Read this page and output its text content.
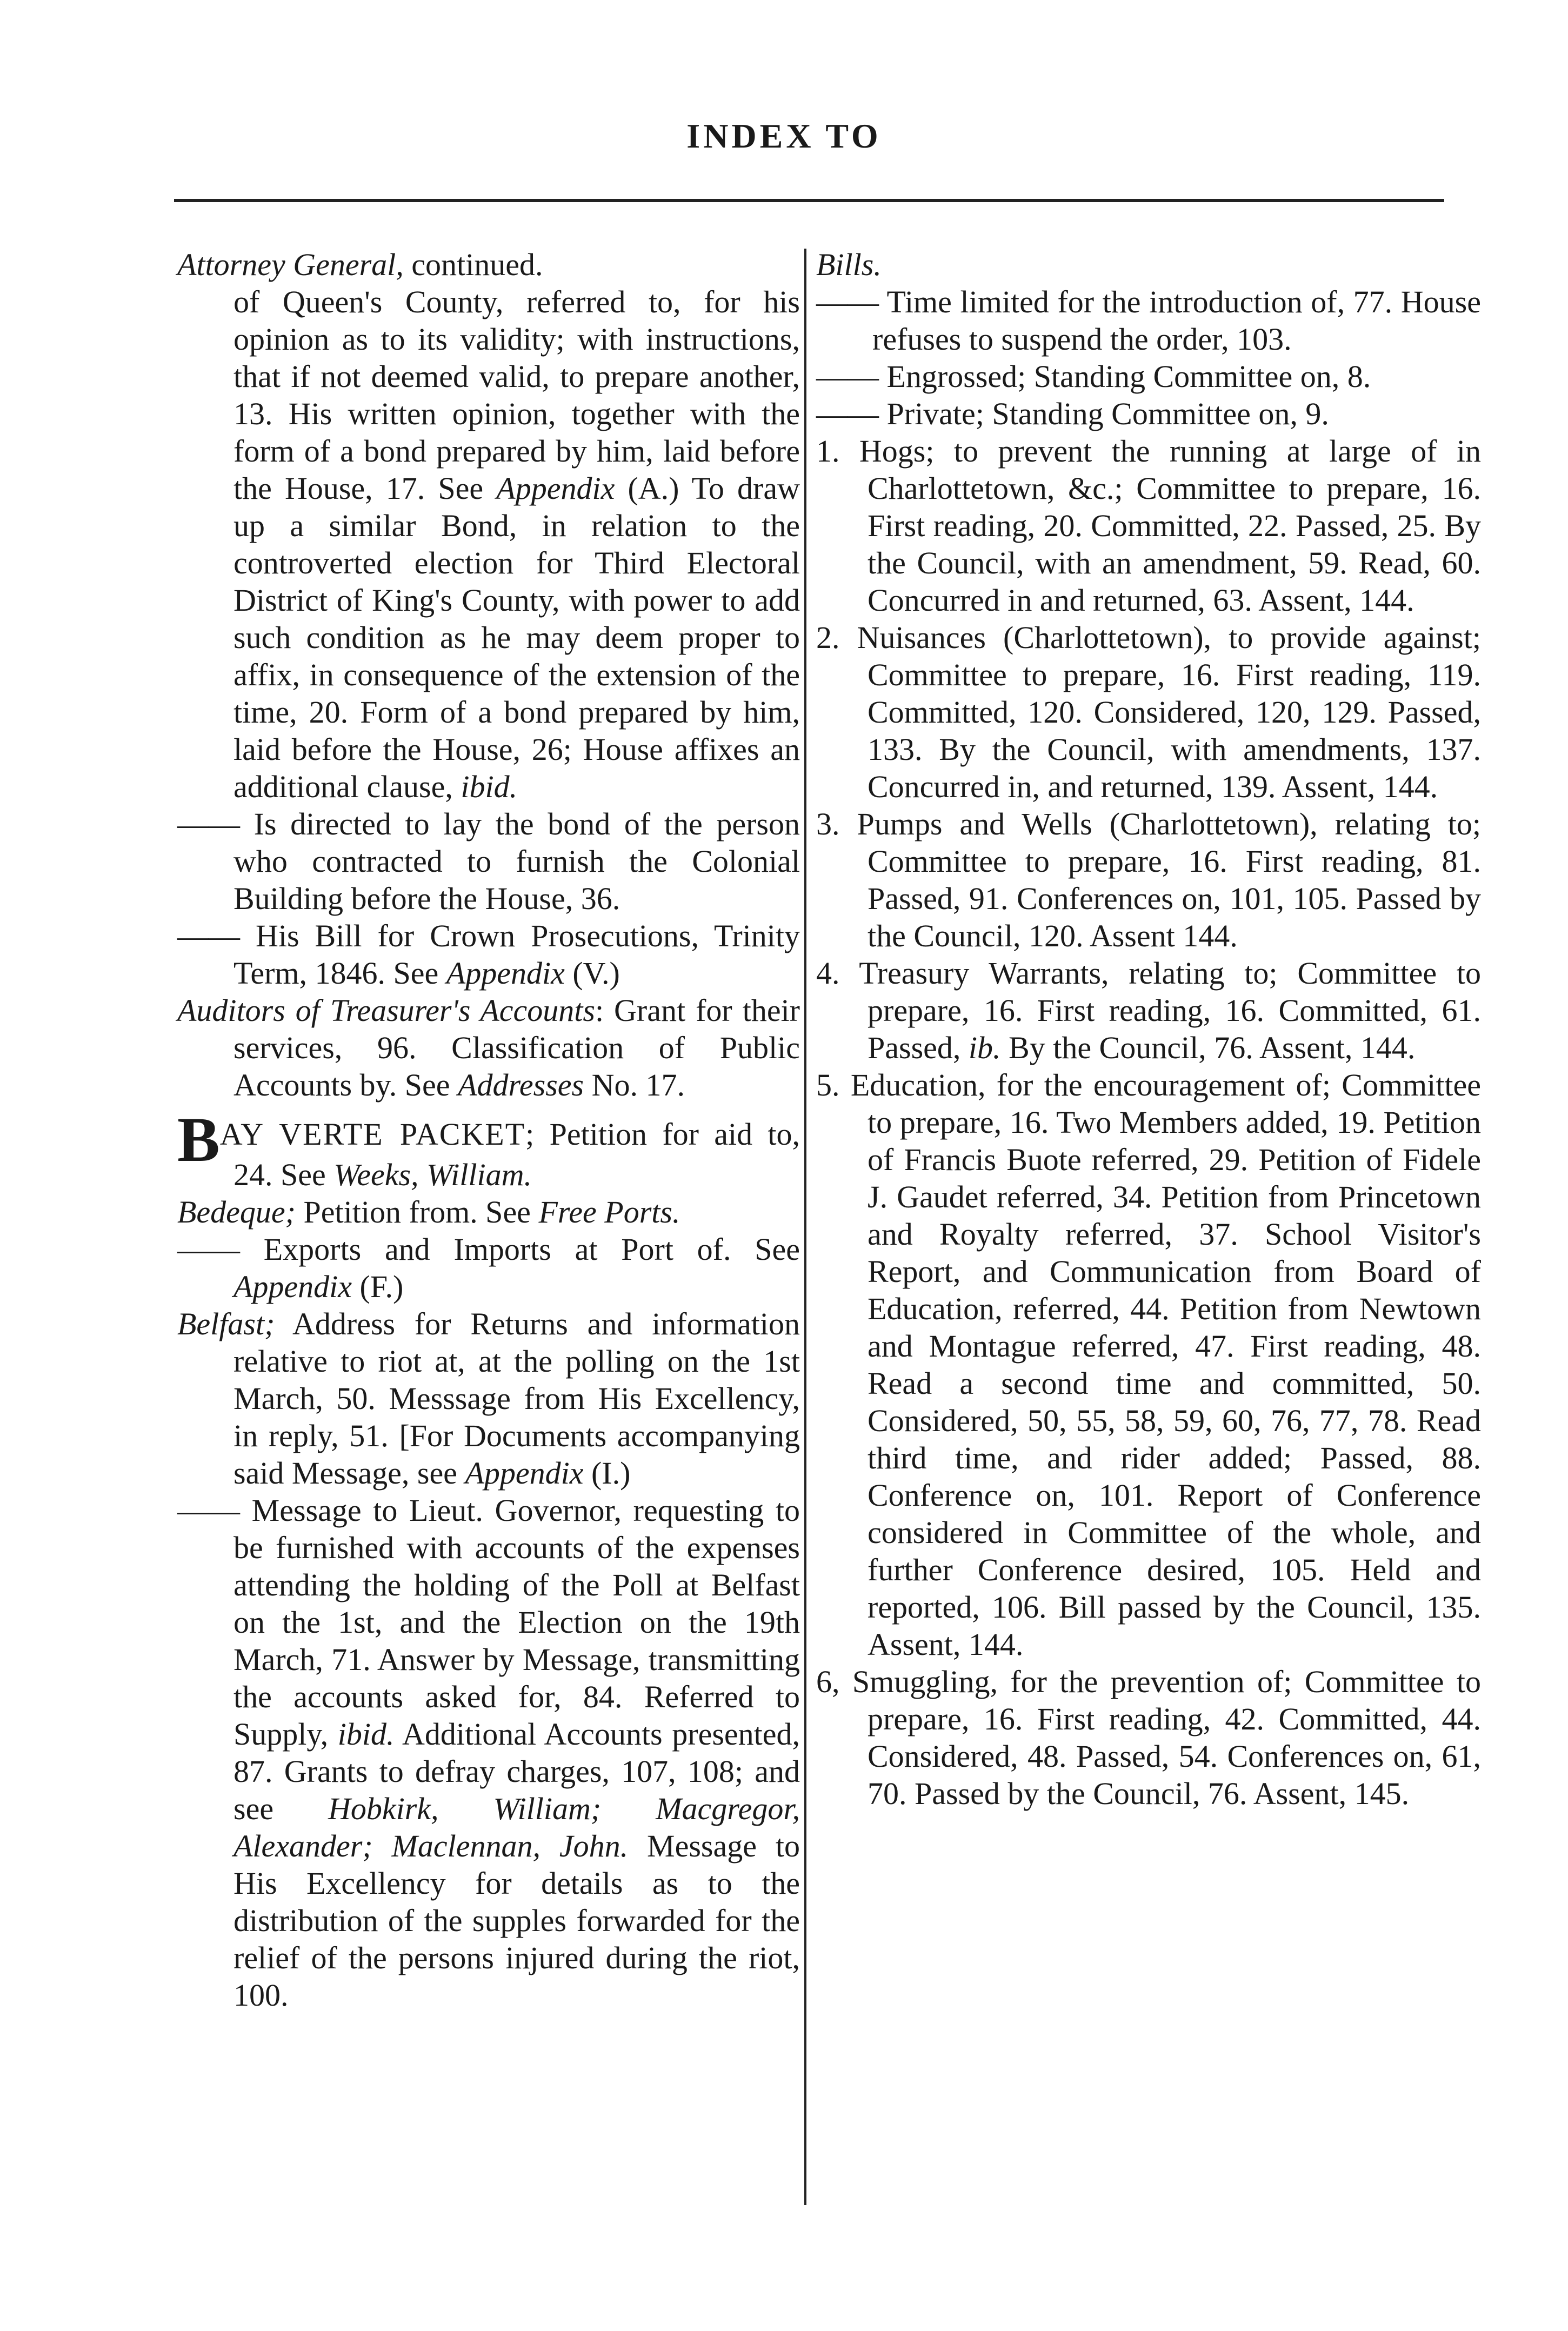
INDEX TO

Attorney General, continued.

of Queen's County, referred to, for his opinion as to its validity; with instructions, that if not deemed valid, to prepare another, 13. His written opinion, together with the form of a bond prepared by him, laid before the House, 17. See Appendix (A.) To draw up a similar Bond, in relation to the controverted election for Third Electoral District of King's County, with power to add such condition as he may deem proper to affix, in consequence of the extension of the time, 20. Form of a bond prepared by him, laid before the House, 26; House affixes an additional clause, ibid.

—— Is directed to lay the bond of the person who contracted to furnish the Colonial Building before the House, 36.

—— His Bill for Crown Prosecutions, Trinity Term, 1846. See Appendix (V.)

Auditors of Treasurer's Accounts: Grant for their services, 96. Classification of Public Accounts by. See Addresses No. 17.

BAY VERTE PACKET; Petition for aid to, 24. See Weeks, William.

Bedeque; Petition from. See Free Ports.

—— Exports and Imports at Port of. See Appendix (F.)

Belfast; Address for Returns and information relative to riot at, at the polling on the 1st March, 50. Messsage from His Excellency, in reply, 51. [For Documents accompanying said Message, see Appendix (I.)

—— Message to Lieut. Governor, requesting to be furnished with accounts of the expenses attending the holding of the Poll at Belfast on the 1st, and the Election on the 19th March, 71. Answer by Message, transmitting the accounts asked for, 84. Referred to Supply, ibid. Additional Accounts presented, 87. Grants to defray charges, 107, 108; and see Hobkirk, William; Macgregor, Alexander; Maclennan, John. Message to His Excellency for details as to the distribution of the supples forwarded for the relief of the persons injured during the riot, 100.

Bills.

—— Time limited for the introduction of, 77. House refuses to suspend the order, 103.

—— Engrossed; Standing Committee on, 8.

—— Private; Standing Committee on, 9.

1. Hogs; to prevent the running at large of in Charlottetown, &c.; Committee to prepare, 16. First reading, 20. Committed, 22. Passed, 25. By the Council, with an amendment, 59. Read, 60. Concurred in and returned, 63. Assent, 144.

2. Nuisances (Charlottetown), to provide against; Committee to prepare, 16. First reading, 119. Committed, 120. Considered, 120, 129. Passed, 133. By the Council, with amendments, 137. Concurred in, and returned, 139. Assent, 144.

3. Pumps and Wells (Charlottetown), relating to; Committee to prepare, 16. First reading, 81. Passed, 91. Conferences on, 101, 105. Passed by the Council, 120. Assent 144.

4. Treasury Warrants, relating to; Committee to prepare, 16. First reading, 16. Committed, 61. Passed, ib. By the Council, 76. Assent, 144.

5. Education, for the encouragement of; Committee to prepare, 16. Two Members added, 19. Petition of Francis Buote referred, 29. Petition of Fidele J. Gaudet referred, 34. Petition from Princetown and Royalty referred, 37. School Visitor's Report, and Communication from Board of Education, referred, 44. Petition from Newtown and Montague referred, 47. First reading, 48. Read a second time and committed, 50. Considered, 50, 55, 58, 59, 60, 76, 77, 78. Read third time, and rider added; Passed, 88. Conference on, 101. Report of Conference considered in Committee of the whole, and further Conference desired, 105. Held and reported, 106. Bill passed by the Council, 135. Assent, 144.

6, Smuggling, for the prevention of; Committee to prepare, 16. First reading, 42. Committed, 44. Considered, 48. Passed, 54. Conferences on, 61, 70. Passed by the Council, 76. Assent, 145.
